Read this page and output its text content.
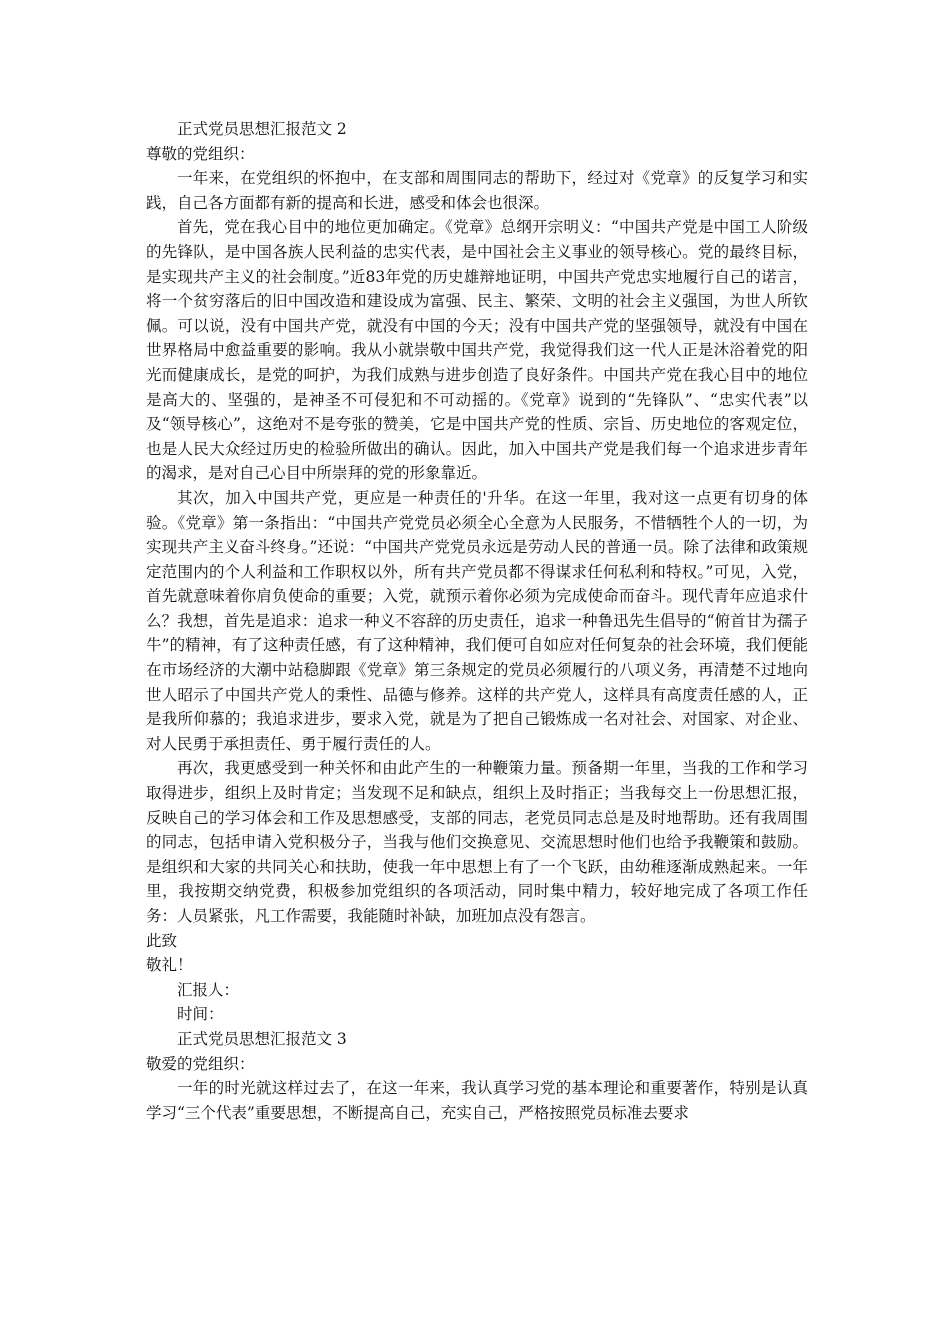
正式党员思想汇报范文 2

尊敬的党组织：

一年来，在党组织的怀抱中，在支部和周围同志的帮助下，经过对《党章》的反复学习和实践，自己各方面都有新的提高和长进，感受和体会也很深。

首先，党在我心目中的地位更加确定。《党章》总纲开宗明义：“中国共产党是中国工人阶级的先锋队，是中国各族人民利益的忠实代表，是中国社会主义事业的领导核心。党的最终目标，是实现共产主义的社会制度。”近83年党的历史雄辩地证明，中国共产党忠实地履行自己的诺言，将一个贫穷落后的旧中国改造和建设成为富强、民主、繁荣、文明的社会主义强国，为世人所钦佩。可以说，没有中国共产党，就没有中国的今天；没有中国共产党的坚强领导，就没有中国在世界格局中愈益重要的影响。我从小就崇敬中国共产党，我觉得我们这一代人正是沐浴着党的阳光而健康成长，是党的呵护，为我们成熟与进步创造了良好条件。中国共产党在我心目中的地位是高大的、坚强的，是神圣不可侵犯和不可动摇的。《党章》说到的“先锋队”、“忠实代表”以及“领导核心”，这绝对不是夸张的赞美，它是中国共产党的性质、宗旨、历史地位的客观定位，也是人民大众经过历史的检验所做出的确认。因此，加入中国共产党是我们每一个追求进步青年的渴求，是对自己心目中所崇拜的党的形象靠近。

其次，加入中国共产党，更应是一种责任的'升华。在这一年里，我对这一点更有切身的体验。《党章》第一条指出：“中国共产党党员必须全心全意为人民服务，不惜牺牲个人的一切，为实现共产主义奋斗终身。”还说：“中国共产党党员永远是劳动人民的普通一员。除了法律和政策规定范围内的个人利益和工作职权以外，所有共产党员都不得谋求任何私利和特权。”可见，入党，首先就意味着你肩负使命的重要；入党，就预示着你必须为完成使命而奋斗。现代青年应追求什么？我想，首先是追求：追求一种义不容辞的历史责任，追求一种鲁迅先生倡导的“俯首甘为孺子牛”的精神，有了这种责任感，有了这种精神，我们便可自如应对任何复杂的社会环境，我们便能在市场经济的大潮中站稳脚跟《党章》第三条规定的党员必须履行的八项义务，再清楚不过地向世人昭示了中国共产党人的秉性、品德与修养。这样的共产党人，这样具有高度责任感的人，正是我所仰慕的；我追求进步，要求入党，就是为了把自己锻炼成一名对社会、对国家、对企业、对人民勇于承担责任、勇于履行责任的人。

再次，我更感受到一种关怀和由此产生的一种鞭策力量。预备期一年里，当我的工作和学习取得进步，组织上及时肯定；当发现不足和缺点，组织上及时指正；当我每交上一份思想汇报，反映自己的学习体会和工作及思想感受，支部的同志，老党员同志总是及时地帮助。还有我周围的同志，包括申请入党积极分子，当我与他们交换意见、交流思想时他们也给予我鞭策和鼓励。是组织和大家的共同关心和扶助，使我一年中思想上有了一个飞跃，由幼稚逐渐成熟起来。一年里，我按期交纳党费，积极参加党组织的各项活动，同时集中精力，较好地完成了各项工作任务：人员紧张，凡工作需要，我能随时补缺，加班加点没有怨言。

此致

敬礼！

汇报人：

时间：

正式党员思想汇报范文 3

敬爱的党组织：

一年的时光就这样过去了，在这一年来，我认真学习党的基本理论和重要著作，特别是认真学习“三个代表”重要思想，不断提高自己，充实自己，严格按照党员标准去要求
